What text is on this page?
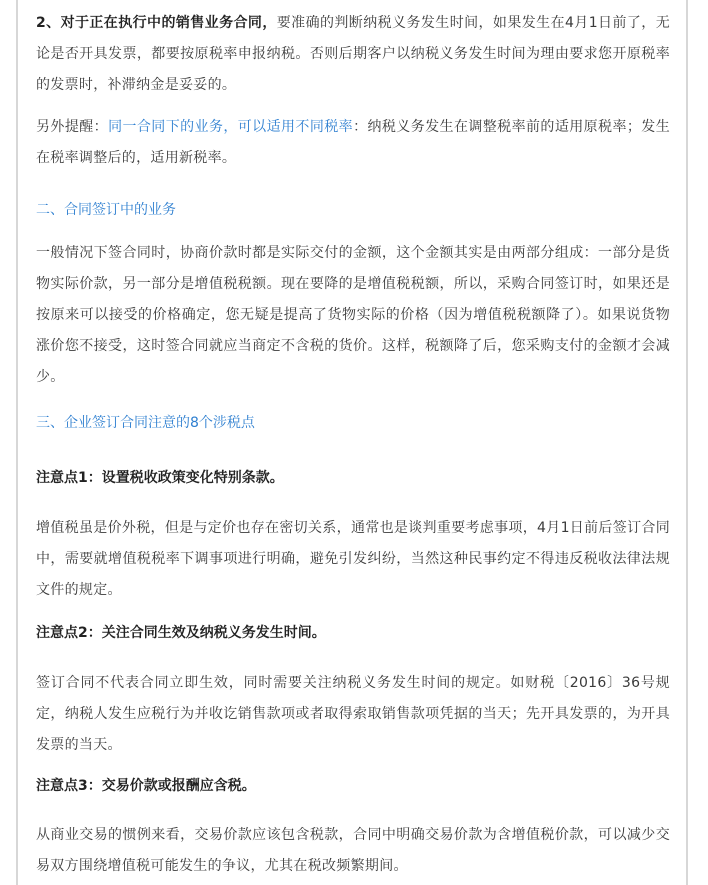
2、对于正在执行中的销售业务合同，要准确的判断纳税义务发生时间，如果发生在4月1日前了，无论是否开具发票，都要按原税率申报纳税。否则后期客户以纳税义务发生时间为理由要求您开原税率的发票时，补滞纳金是妥妥的。

另外提醒：同一合同下的业务，可以适用不同税率：纳税义务发生在调整税率前的适用原税率；发生在税率调整后的，适用新税率。

二、合同签订中的业务

一般情况下签合同时，协商价款时都是实际交付的金额，这个金额其实是由两部分组成：一部分是货物实际价款，另一部分是增值税税额。现在要降的是增值税税额，所以，采购合同签订时，如果还是按原来可以接受的价格确定，您无疑是提高了货物实际的价格（因为增值税税额降了）。如果说货物涨价您不接受，这时签合同就应当商定不含税的货价。这样，税额降了后，您采购支付的金额才会减少。

三、企业签订合同注意的8个涉税点

注意点1：设置税收政策变化特别条款。

增值税虽是价外税，但是与定价也存在密切关系，通常也是谈判重要考虑事项，4月1日前后签订合同中，需要就增值税税率下调事项进行明确，避免引发纠纷，当然这种民事约定不得违反税收法律法规文件的规定。

注意点2：关注合同生效及纳税义务发生时间。

签订合同不代表合同立即生效，同时需要关注纳税义务发生时间的规定。如财税〔2016〕36号规定，纳税人发生应税行为并收讫销售款项或者取得索取销售款项凭据的当天；先开具发票的，为开具发票的当天。

注意点3：交易价款或报酬应含税。

从商业交易的惯例来看，交易价款应该包含税款，合同中明确交易价款为含增值税价款，可以减少交易双方围绕增值税可能发生的争议，尤其在税改频繁期间。
